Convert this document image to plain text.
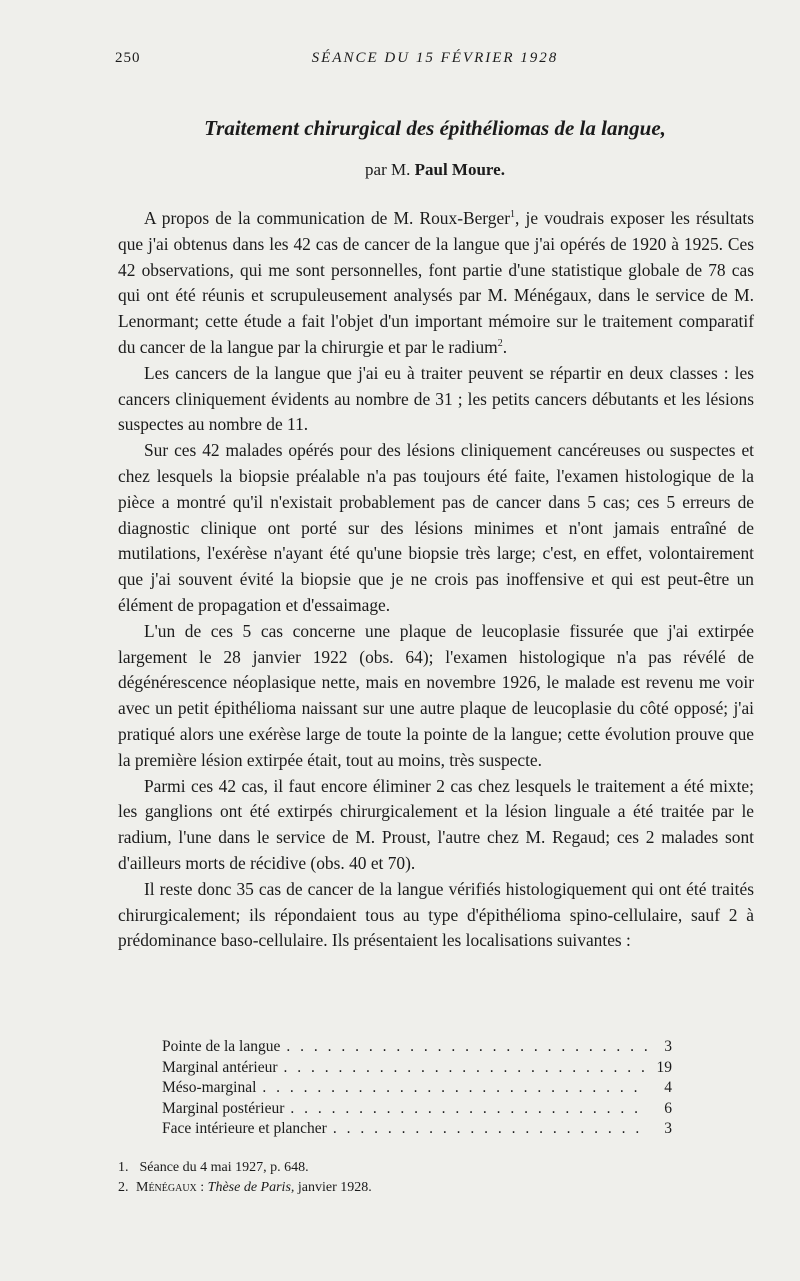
250	SÉANCE DU 15 FÉVRIER 1928
Traitement chirurgical des épithéliomas de la langue,
par M. Paul Moure.

A propos de la communication de M. Roux-Berger$^1$, je voudrais exposer les résultats que j'ai obtenus dans les 42 cas de cancer de la langue que j'ai opérés de 1920 à 1925. Ces 42 observations, qui me sont personnelles, font partie d'une statistique globale de 78 cas qui ont été réunis et scrupuleusement analysés par M. Ménégaux, dans le service de M. Lenormant; cette étude a fait l'objet d'un important mémoire sur le traitement comparatif du cancer de la langue par la chirurgie et par le radium$^2$.

Les cancers de la langue que j'ai eu à traiter peuvent se répartir en deux classes : les cancers cliniquement évidents au nombre de 31 ; les petits cancers débutants et les lésions suspectes au nombre de 11.

Sur ces 42 malades opérés pour des lésions cliniquement cancéreuses ou suspectes et chez lesquels la biopsie préalable n'a pas toujours été faite, l'examen histologique de la pièce a montré qu'il n'existait probablement pas de cancer dans 5 cas; ces 5 erreurs de diagnostic clinique ont porté sur des lésions minimes et n'ont jamais entraîné de mutilations, l'exérèse n'ayant été qu'une biopsie très large; c'est, en effet, volontairement que j'ai souvent évité la biopsie que je ne crois pas inoffensive et qui est peut-être un élément de propagation et d'essaimage.

L'un de ces 5 cas concerne une plaque de leucoplasie fissurée que j'ai extirpée largement le 28 janvier 1922 (obs. 64); l'examen histologique n'a pas révélé de dégénérescence néoplasique nette, mais en novembre 1926, le malade est revenu me voir avec un petit épithélioma naissant sur une autre plaque de leucoplasie du côté opposé; j'ai pratiqué alors une exérèse large de toute la pointe de la langue; cette évolution prouve que la première lésion extirpée était, tout au moins, très suspecte.

Parmi ces 42 cas, il faut encore éliminer 2 cas chez lesquels le traitement a été mixte; les ganglions ont été extirpés chirurgicalement et la lésion linguale a été traitée par le radium, l'une dans le service de M. Proust, l'autre chez M. Regaud; ces 2 malades sont d'ailleurs morts de récidive (obs. 40 et 70).

Il reste donc 35 cas de cancer de la langue vérifiés histologiquement qui ont été traités chirurgicalement; ils répondaient tous au type d'épithélioma spino-cellulaire, sauf 2 à prédominance baso-cellulaire. Ils présentaient les localisations suivantes :

Pointe de la langue . . .	3
Marginal antérieur . . .	19
Méso-marginal . . .	4
Marginal postérieur . . .	6
Face intérieure et plancher . . .	3
1. Séance du 4 mai 1927, p. 648.
2. Ménégaux : Thèse de Paris, janvier 1928.
